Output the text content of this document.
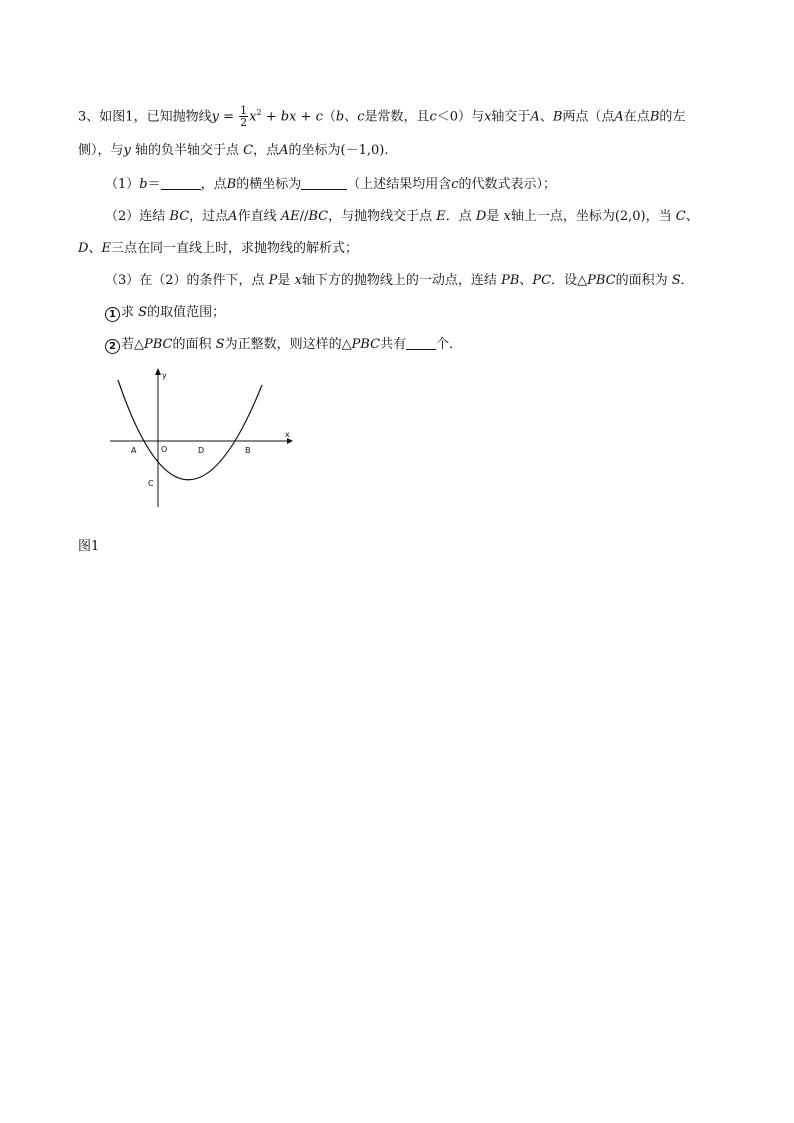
3、如图1，已知抛物线$y = \frac{1}{2} x^2$ + bx + c（b、c是常数，且c＜0）与x轴交于A、B两点（点A在点B的左
侧），与y 轴的负半轴交于点 C，点A的坐标为(－1,0).
（1）b＝	，点B的横坐标为	（上述结果均用含c的代数式表示）；
（2）连结 BC，过点A作直线 AE//BC，与抛物线交于点 E．点 D是 x轴上一点，坐标为(2,0)，当 C、
D、E三点在同一直线上时，求抛物线的解析式；
（3）在（2）的条件下，点 P是 x轴下方的抛物线上的一动点，连结 PB、PC．设△PBC的面积为 S．
1 求 S的取值范围；
2 若△PBC的面积 S为正整数，则这样的△PBC共有 个．
y
x
A	O	D	B
C
图1
